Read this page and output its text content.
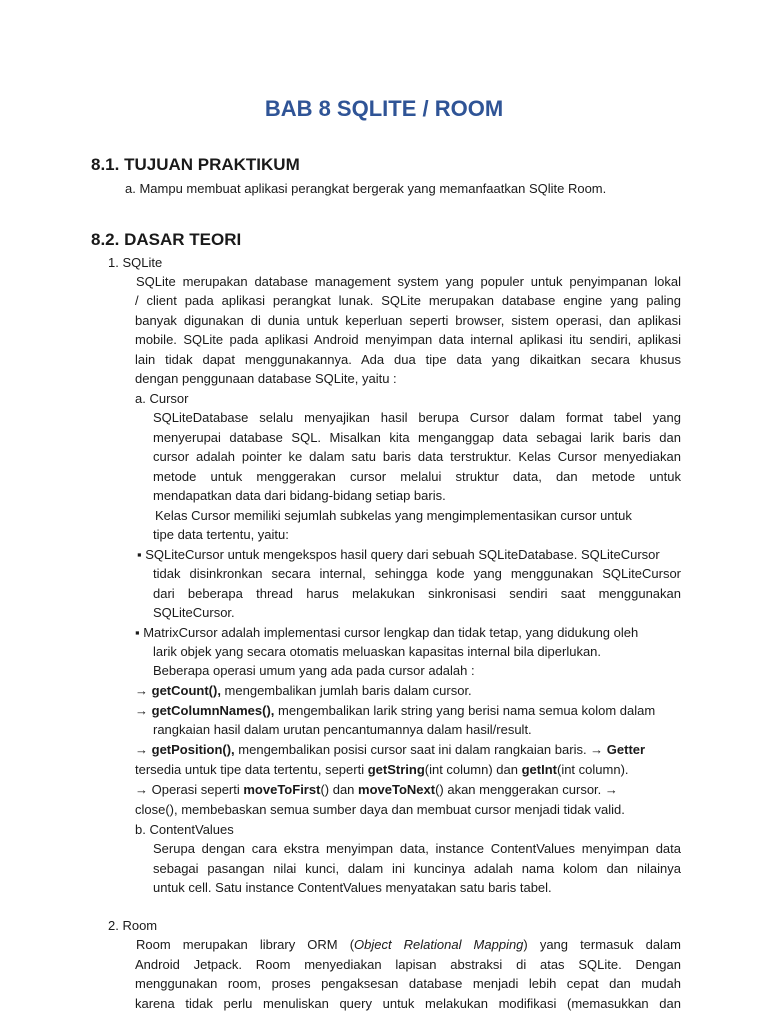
BAB 8 SQLITE / ROOM
8.1. TUJUAN PRAKTIKUM

a. Mampu membuat aplikasi perangkat bergerak yang memanfaatkan SQlite Room.

8.2. DASAR TEORI

1. SQLite

SQLite merupakan database management system yang populer untuk penyimpanan lokal

/ client pada aplikasi perangkat lunak. SQLite merupakan database engine yang paling

banyak digunakan di dunia untuk keperluan seperti browser, sistem operasi, dan aplikasi

mobile. SQLite pada aplikasi Android menyimpan data internal aplikasi itu sendiri, aplikasi

lain tidak dapat menggunakannya. Ada dua tipe data yang dikaitkan secara khusus

dengan penggunaan database SQLite, yaitu :

a. Cursor

SQLiteDatabase selalu menyajikan hasil berupa Cursor dalam format tabel yang

menyerupai database SQL. Misalkan kita menganggap data sebagai larik baris dan

cursor adalah pointer ke dalam satu baris data terstruktur. Kelas Cursor menyediakan

metode untuk menggerakan cursor melalui struktur data, dan metode untuk

mendapatkan data dari bidang-bidang setiap baris.

Kelas Cursor memiliki sejumlah subkelas yang mengimplementasikan cursor untuk

tipe data tertentu, yaitu:

▪ SQLiteCursor untuk mengekspos hasil query dari sebuah SQLiteDatabase. SQLiteCursor

tidak disinkronkan secara internal, sehingga kode yang menggunakan SQLiteCursor

dari beberapa thread harus melakukan sinkronisasi sendiri saat menggunakan

SQLiteCursor.

▪ MatrixCursor adalah implementasi cursor lengkap dan tidak tetap, yang didukung oleh

larik objek yang secara otomatis meluaskan kapasitas internal bila diperlukan.

Beberapa operasi umum yang ada pada cursor adalah :

→ getCount(), mengembalikan jumlah baris dalam cursor.

→ getColumnNames(), mengembalikan larik string yang berisi nama semua kolom dalam

rangkaian hasil dalam urutan pencantumannya dalam hasil/result.

→ getPosition(), mengembalikan posisi cursor saat ini dalam rangkaian baris. → Getter

tersedia untuk tipe data tertentu, seperti getString(int column) dan getInt(int column).

→ Operasi seperti moveToFirst() dan moveToNext() akan menggerakan cursor. →

close(), membebaskan semua sumber daya dan membuat cursor menjadi tidak valid.

b. ContentValues

Serupa dengan cara ekstra menyimpan data, instance ContentValues menyimpan data

sebagai pasangan nilai kunci, dalam ini kuncinya adalah nama kolom dan nilainya

untuk cell. Satu instance ContentValues menyatakan satu baris tabel.

2. Room

Room merupakan library ORM (Object Relational Mapping) yang termasuk dalam

Android Jetpack. Room menyediakan lapisan abstraksi di atas SQLite. Dengan

menggunakan room, proses pengaksesan database menjadi lebih cepat dan mudah

karena tidak perlu menuliskan query untuk melakukan modifikasi (memasukkan dan
